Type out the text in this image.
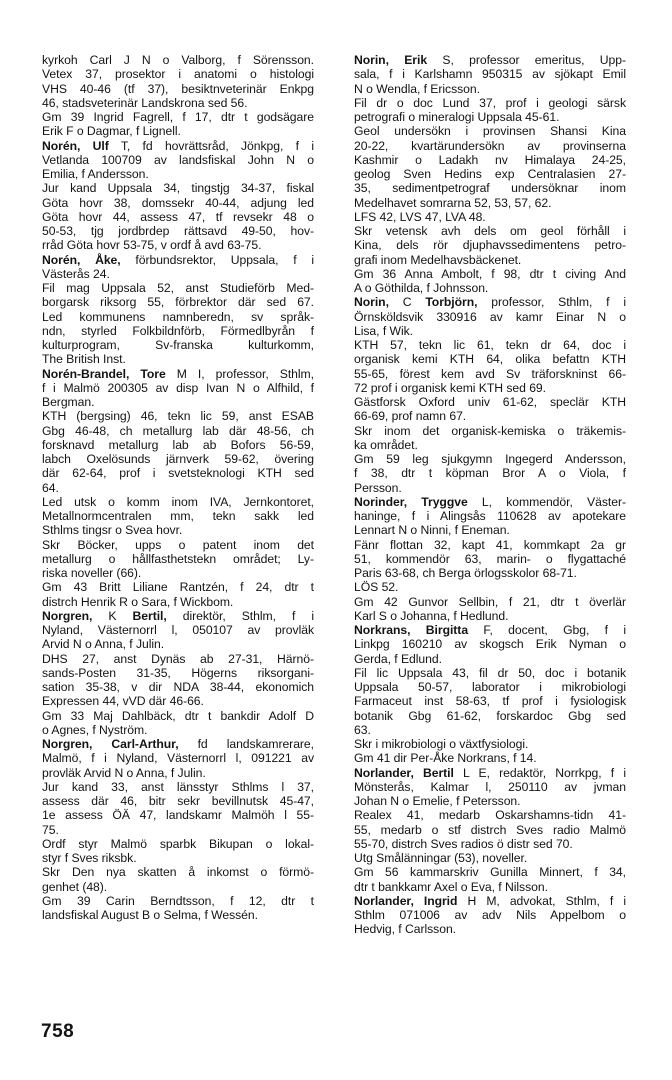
kyrkoh Carl J N o Valborg, f Sörensson.
Vetex 37, prosektor i anatomi o histologi
VHS 40-46 (tf 37), besiktnveterinär Enkpg
46, stadsveterinär Landskrona sed 56.
Gm 39 Ingrid Fagrell, f 17, dtr t godsägare
Erik F o Dagmar, f Lignell.
Norén, Ulf T, fd hovrättsråd, Jönkpg, f i
Vetlanda 100709 av landsfiskal John N o
Emilia, f Andersson.
Jur kand Uppsala 34, tingstjg 34-37, fiskal
Göta hovr 38, domssekr 40-44, adjung led
Göta hovr 44, assess 47, tf revsekr 48 o
50-53, tjg jordbrdep rättsavd 49-50, hov-
rråd Göta hovr 53-75, v ordf å avd 63-75.
Norén, Åke, förbundsrektor, Uppsala, f i
Västerås 24.
Fil mag Uppsala 52, anst Studieförb Med-
borgarsk riksorg 55, förbrektor där sed 67.
Led kommunens namnberedn, sv språk-
ndn, styrled Folkbildnförb, Förmedlbyrån f
kulturprogram, Sv-franska kulturkomm,
The British Inst.
Norén-Brandel, Tore M I, professor, Sthlm,
f i Malmö 200305 av disp Ivan N o Alfhild, f
Bergman.
KTH (bergsing) 46, tekn lic 59, anst ESAB
Gbg 46-48, ch metallurg lab där 48-56, ch
forsknavd metallurg lab ab Bofors 56-59,
labch Oxelösunds järnverk 59-62, övering
där 62-64, prof i svetsteknologi KTH sed
64.
Led utsk o komm inom IVA, Jernkontoret,
Metallnormcentralen mm, tekn sakk led
Sthlms tingsr o Svea hovr.
Skr Böcker, upps o patent inom det
metallurg o hållfasthetstekn området; Ly-
riska noveller (66).
Gm 43 Britt Liliane Rantzén, f 24, dtr t
distrch Henrik R o Sara, f Wickbom.
Norgren, K Bertil, direktör, Sthlm, f i
Nyland, Västernorrl l, 050107 av provläk
Arvid N o Anna, f Julin.
DHS 27, anst Dynäs ab 27-31, Härnö-
sands-Posten 31-35, Högerns riksorgani-
sation 35-38, v dir NDA 38-44, ekonomich
Expressen 44, vVD där 46-66.
Gm 33 Maj Dahlbäck, dtr t bankdir Adolf D
o Agnes, f Nyström.
Norgren, Carl-Arthur, fd landskamrerare,
Malmö, f i Nyland, Västernorrl l, 091221 av
provläk Arvid N o Anna, f Julin.
Jur kand 33, anst länsstyr Sthlms l 37,
assess där 46, bitr sekr bevillnutsk 45-47,
1e assess ÖÄ 47, landskamr Malmöh l 55-
75.
Ordf styr Malmö sparbk Bikupan o lokal-
styr f Sves riksbk.
Skr Den nya skatten å inkomst o förmö-
genhet (48).
Gm 39 Carin Berndtsson, f 12, dtr t
landsfiskal August B o Selma, f Wessén.
Norin, Erik S, professor emeritus, Upp-
sala, f i Karlshamn 950315 av sjökapt Emil
N o Wendla, f Ericsson.
Fil dr o doc Lund 37, prof i geologi särsk
petrografi o mineralogi Uppsala 45-61.
Geol undersökn i provinsen Shansi Kina
20-22, kvartärundersökn av provinserna
Kashmir o Ladakh nv Himalaya 24-25,
geolog Sven Hedins exp Centralasien 27-
35, sedimentpetrograf undersöknar inom
Medelhavet somrarna 52, 53, 57, 62.
LFS 42, LVS 47, LVA 48.
Skr vetensk avh dels om geol förhåll i
Kina, dels rör djuphavssedimentens petro-
grafi inom Medelhavsbäckenet.
Gm 36 Anna Ambolt, f 98, dtr t civing And
A o Göthilda, f Johnsson.
Norin, C Torbjörn, professor, Sthlm, f i
Örnsköldsvik 330916 av kamr Einar N o
Lisa, f Wik.
KTH 57, tekn lic 61, tekn dr 64, doc i
organisk kemi KTH 64, olika befattn KTH
55-65, förest kem avd Sv träforskninst 66-
72 prof i organisk kemi KTH sed 69.
Gästforsk Oxford univ 61-62, speclär KTH
66-69, prof namn 67.
Skr inom det organisk-kemiska o träkemis-
ka området.
Gm 59 leg sjukgymn Ingegerd Andersson,
f 38, dtr t köpman Bror A o Viola, f
Persson.
Norinder, Tryggve L, kommendör, Väster-
haninge, f i Alingsås 110628 av apotekare
Lennart N o Ninni, f Eneman.
Fänr flottan 32, kapt 41, kommkapt 2a gr
51, kommendör 63, marin- o flygattaché
Paris 63-68, ch Berga örlogsskolor 68-71.
LÖS 52.
Gm 42 Gunvor Sellbin, f 21, dtr t överlär
Karl S o Johanna, f Hedlund.
Norkrans, Birgitta F, docent, Gbg, f i
Linkpg 160210 av skogsch Erik Nyman o
Gerda, f Edlund.
Fil lic Uppsala 43, fil dr 50, doc i botanik
Uppsala 50-57, laborator i mikrobiologi
Farmaceut inst 58-63, tf prof i fysiologisk
botanik Gbg 61-62, forskardoc Gbg sed
63.
Skr i mikrobiologi o växtfysiologi.
Gm 41 dir Per-Åke Norkrans, f 14.
Norlander, Bertil L E, redaktör, Norrkpg, f i
Mönsterås, Kalmar l, 250110 av jvman
Johan N o Emelie, f Petersson.
Realex 41, medarb Oskarshamns-tidn 41-
55, medarb o stf distrch Sves radio Malmö
55-70, distrch Sves radios ö distr sed 70.
Utg Smålänningar (53), noveller.
Gm 56 kammarskriv Gunilla Minnert, f 34,
dtr t bankkamr Axel o Eva, f Nilsson.
Norlander, Ingrid H M, advokat, Sthlm, f i
Sthlm 071006 av adv Nils Appelbom o
Hedvig, f Carlsson.
758
